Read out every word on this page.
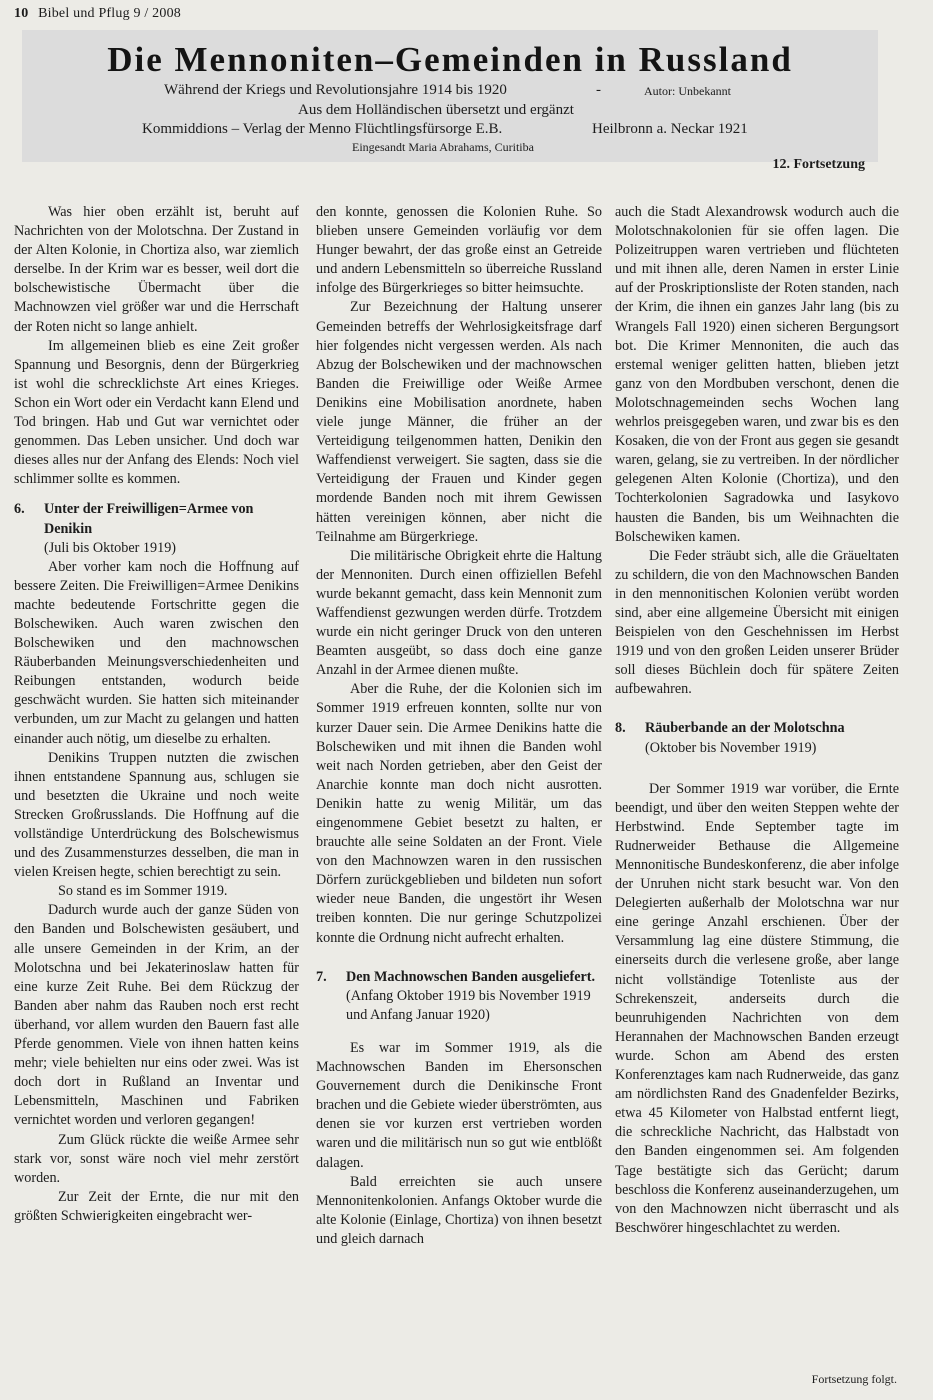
10 Bibel und Pflug 9 / 2008
Die Mennoniten–Gemeinden in Russland
Während der Kriegs und Revolutionsjahre 1914 bis 1920	-	Autor: Unbekannt
Aus dem Holländischen übersetzt und ergänzt
Kommiddions – Verlag der Menno Flüchtlingsfürsorge E.B.	Heilbronn a. Neckar 1921
Eingesandt Maria Abrahams, Curitiba
12. Fortsetzung

Was hier oben erzählt ist, beruht auf Nachrichten von der Molotschna. Der Zustand in der Alten Kolonie, in Chortiza also, war ziemlich derselbe. In der Krim war es besser, weil dort die bolschewistische Übermacht über die Machnowzen viel größer war und die Herrschaft der Roten nicht so lange anhielt.

Im allgemeinen blieb es eine Zeit großer Spannung und Besorgnis, denn der Bürgerkrieg ist wohl die schrecklichste Art eines Krieges. Schon ein Wort oder ein Verdacht kann Elend und Tod bringen. Hab und Gut war vernichtet oder genommen. Das Leben unsicher. Und doch war dieses alles nur der Anfang des Elends: Noch viel schlimmer sollte es kommen.

6.	Unter der Freiwilligen=Armee von Denikin
(Juli bis Oktober 1919)

Aber vorher kam noch die Hoffnung auf bessere Zeiten. Die Freiwilligen=Armee Denikins machte bedeutende Fortschritte gegen die Bolschewiken. Auch waren zwischen den Bolschewiken und den machnowschen Räuberbanden Meinungsverschiedenheiten und Reibungen entstanden, wodurch beide geschwächt wurden. Sie hatten sich miteinander verbunden, um zur Macht zu gelangen und hatten einander auch nötig, um dieselbe zu erhalten.

Denikins Truppen nutzten die zwischen ihnen entstandene Spannung aus, schlugen sie und besetzten die Ukraine und noch weite Strecken Großrusslands. Die Hoffnung auf die vollständige Unterdrückung des Bolschewismus und des Zusammensturzes desselben, die man in vielen Kreisen hegte, schien berechtigt zu sein.

So stand es im Sommer 1919.

Dadurch wurde auch der ganze Süden von den Banden und Bolschewisten gesäubert, und alle unsere Gemeinden in der Krim, an der Molotschna und bei Jekaterinoslaw hatten für eine kurze Zeit Ruhe. Bei dem Rückzug der Banden aber nahm das Rauben noch erst recht überhand, vor allem wurden den Bauern fast alle Pferde genommen. Viele von ihnen hatten keins mehr; viele behielten nur eins oder zwei. Was ist doch dort in Rußland an Inventar und Lebensmitteln, Maschinen und Fabriken vernichtet worden und verloren gegangen!

Zum Glück rückte die weiße Armee sehr stark vor, sonst wäre noch viel mehr zerstört worden.

Zur Zeit der Ernte, die nur mit den größten Schwierigkeiten eingebracht wer-

den konnte, genossen die Kolonien Ruhe. So blieben unsere Gemeinden vorläufig vor dem Hunger bewahrt, der das große einst an Getreide und andern Lebensmitteln so überreiche Russland infolge des Bürgerkrieges so bitter heimsuchte.

Zur Bezeichnung der Haltung unserer Gemeinden betreffs der Wehrlosigkeitsfrage darf hier folgendes nicht vergessen werden. Als nach Abzug der Bolschewiken und der machnowschen Banden die Freiwillige oder Weiße Armee Denikins eine Mobilisation anordnete, haben viele junge Männer, die früher an der Verteidigung teilgenommen hatten, Denikin den Waffendienst verweigert. Sie sagten, dass sie die Verteidigung der Frauen und Kinder gegen mordende Banden noch mit ihrem Gewissen hätten vereinigen können, aber nicht die Teilnahme am Bürgerkriege.

Die militärische Obrigkeit ehrte die Haltung der Mennoniten. Durch einen offiziellen Befehl wurde bekannt gemacht, dass kein Mennonit zum Waffendienst gezwungen werden dürfe. Trotzdem wurde ein nicht geringer Druck von den unteren Beamten ausgeübt, so dass doch eine ganze Anzahl in der Armee dienen mußte.

Aber die Ruhe, der die Kolonien sich im Sommer 1919 erfreuen konnten, sollte nur von kurzer Dauer sein. Die Armee Denikins hatte die Bolschewiken und mit ihnen die Banden wohl weit nach Norden getrieben, aber den Geist der Anarchie konnte man doch nicht ausrotten. Denikin hatte zu wenig Militär, um das eingenommene Gebiet besetzt zu halten, er brauchte alle seine Soldaten an der Front. Viele von den Machnowzen waren in den russischen Dörfern zurückgeblieben und bildeten nun sofort wieder neue Banden, die ungestört ihr Wesen treiben konnten. Die nur geringe Schutzpolizei konnte die Ordnung nicht aufrecht erhalten.

7.	Den Machnowschen Banden ausgeliefert.
(Anfang Oktober 1919 bis November 1919 und Anfang Januar 1920)

Es war im Sommer 1919, als die Machnowschen Banden im Ehersonschen Gouvernement durch die Denikinsche Front brachen und die Gebiete wieder überströmten, aus denen sie vor kurzen erst vertrieben worden waren und die militärisch nun so gut wie entblößt dalagen.

Bald erreichten sie auch unsere Mennonitenkolonien. Anfangs Oktober wurde die alte Kolonie (Einlage, Chortiza) von ihnen besetzt und gleich darnach

auch die Stadt Alexandrowsk wodurch auch die Molotschnakolonien für sie offen lagen. Die Polizeitruppen waren vertrieben und flüchteten und mit ihnen alle, deren Namen in erster Linie auf der Proskriptionsliste der Roten standen, nach der Krim, die ihnen ein ganzes Jahr lang (bis zu Wrangels Fall 1920) einen sicheren Bergungsort bot. Die Krimer Mennoniten, die auch das erstemal weniger gelitten hatten, blieben jetzt ganz von den Mordbuben verschont, denen die Molotschnagemeinden sechs Wochen lang wehrlos preisgegeben waren, und zwar bis es den Kosaken, die von der Front aus gegen sie gesandt waren, gelang, sie zu vertreiben. In der nördlicher gelegenen Alten Kolonie (Chortiza), und den Tochterkolonien Sagradowka und Iasykovo hausten die Banden, bis um Weihnachten die Bolschewiken kamen.

Die Feder sträubt sich, alle die Gräueltaten zu schildern, die von den Machnowschen Banden in den mennonitischen Kolonien verübt worden sind, aber eine allgemeine Übersicht mit einigen Beispielen von den Geschehnissen im Herbst 1919 und von den großen Leiden unserer Brüder soll dieses Büchlein doch für spätere Zeiten aufbewahren.

8.	Räuberbande an der Molotschna
(Oktober bis November 1919)

Der Sommer 1919 war vorüber, die Ernte beendigt, und über den weiten Steppen wehte der Herbstwind. Ende September tagte im Rudnerweider Bethause die Allgemeine Mennonitische Bundeskonferenz, die aber infolge der Unruhen nicht stark besucht war. Von den Delegierten außerhalb der Molotschna war nur eine geringe Anzahl erschienen. Über der Versammlung lag eine düstere Stimmung, die einerseits durch die verlesene große, aber lange nicht vollständige Totenliste aus der Schrekenszeit, anderseits durch die beunruhigenden Nachrichten von dem Herannahen der Machnowschen Banden erzeugt wurde. Schon am Abend des ersten Konferenztages kam nach Rudnerweide, das ganz am nördlichsten Rand des Gnadenfelder Bezirks, etwa 45 Kilometer von Halbstad entfernt liegt, die schreckliche Nachricht, das Halbstadt von den Banden eingenommen sei. Am folgenden Tage bestätigte sich das Gerücht; darum beschloss die Konferenz auseinanderzugehen, um von den Machnowzen nicht überrascht und als Beschwörer hingeschlachtet zu werden.

Fortsetzung folgt.
